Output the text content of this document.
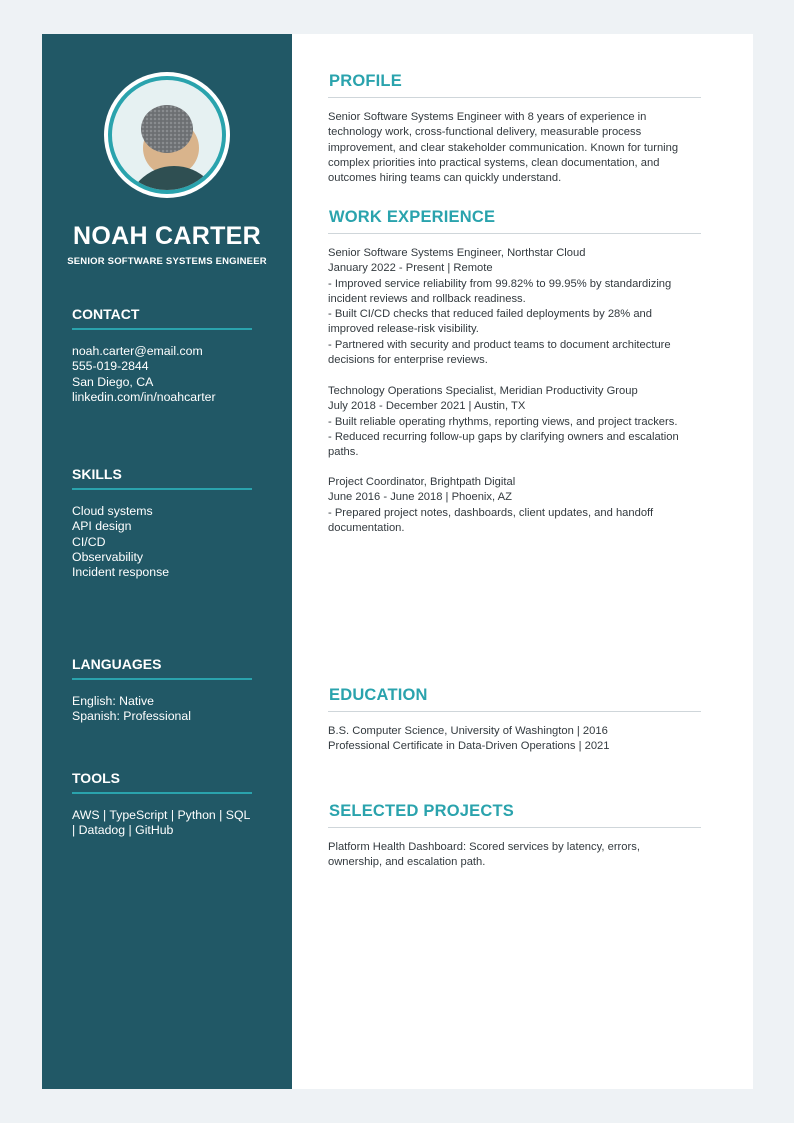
NOAH CARTER
SENIOR SOFTWARE SYSTEMS ENGINEER
CONTACT
noah.carter@email.com
555-019-2844
San Diego, CA
linkedin.com/in/noahcarter
SKILLS
Cloud systems
API design
CI/CD
Observability
Incident response
LANGUAGES
English: Native
Spanish: Professional
TOOLS
AWS | TypeScript | Python | SQL | Datadog | GitHub
PROFILE
Senior Software Systems Engineer with 8 years of experience in technology work, cross-functional delivery, measurable process improvement, and clear stakeholder communication. Known for turning complex priorities into practical systems, clean documentation, and outcomes hiring teams can quickly understand.
WORK EXPERIENCE
Senior Software Systems Engineer, Northstar Cloud
January 2022 - Present | Remote
- Improved service reliability from 99.82% to 99.95% by standardizing incident reviews and rollback readiness.
- Built CI/CD checks that reduced failed deployments by 28% and improved release-risk visibility.
- Partnered with security and product teams to document architecture decisions for enterprise reviews.
Technology Operations Specialist, Meridian Productivity Group
July 2018 - December 2021 | Austin, TX
- Built reliable operating rhythms, reporting views, and project trackers.
- Reduced recurring follow-up gaps by clarifying owners and escalation paths.
Project Coordinator, Brightpath Digital
June 2016 - June 2018 | Phoenix, AZ
- Prepared project notes, dashboards, client updates, and handoff documentation.
EDUCATION
B.S. Computer Science, University of Washington | 2016
Professional Certificate in Data-Driven Operations | 2021
SELECTED PROJECTS
Platform Health Dashboard: Scored services by latency, errors, ownership, and escalation path.
